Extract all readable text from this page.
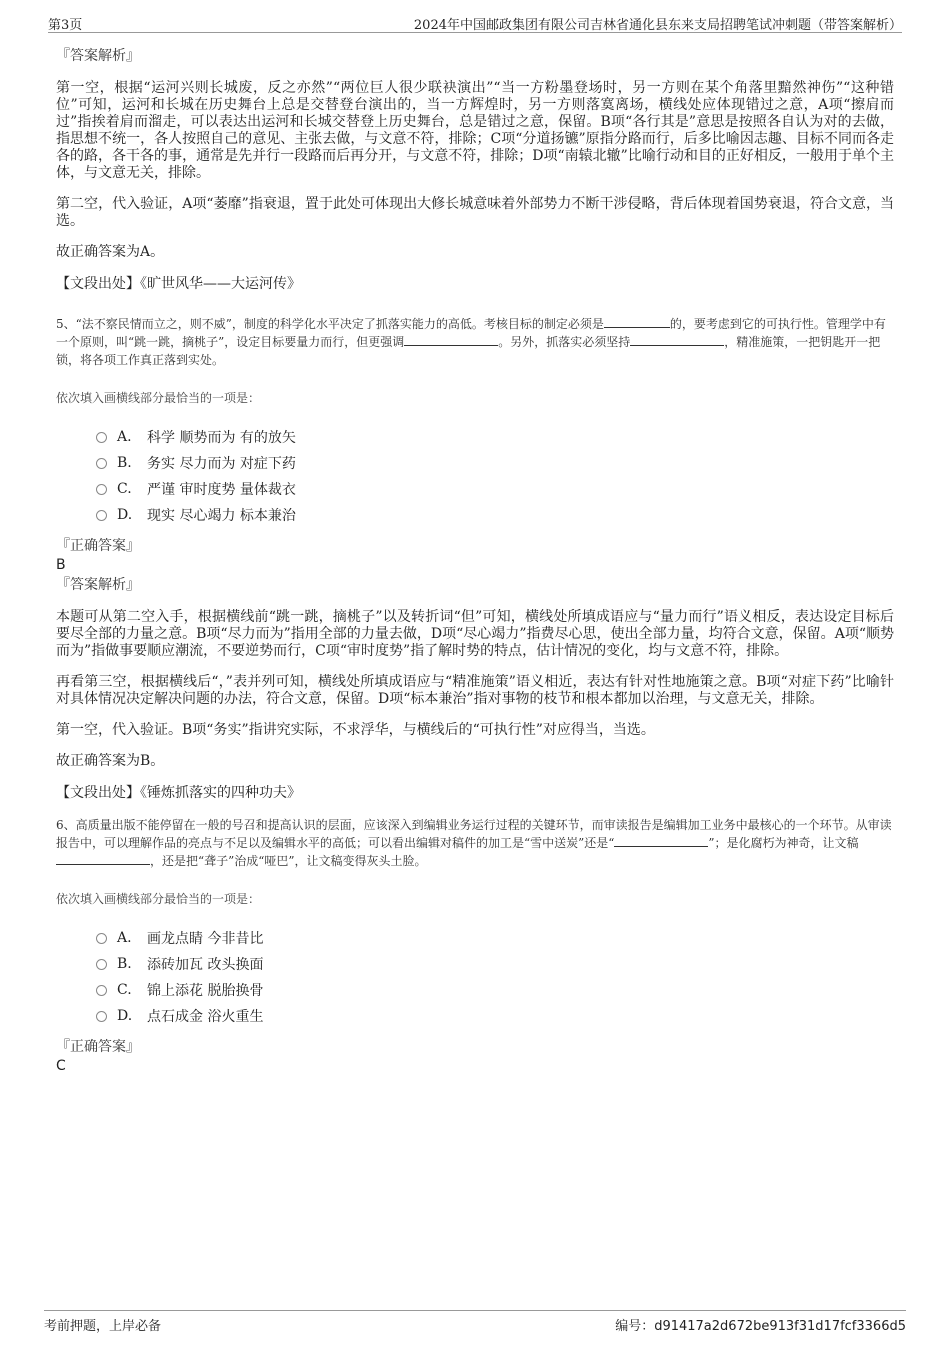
第3页	2024年中国邮政集团有限公司吉林省通化县东来支局招聘笔试冲刺题（带答案解析）
『答案解析』

第一空，根据“运河兴则长城废，反之亦然”“两位巨人很少联袂演出”“当一方粉墨登场时，另一方则在某个角落里黯然神伤”“这种错位”可知，运河和长城在历史舞台上总是交替登台演出的，当一方辉煌时，另一方则落寞离场，横线处应体现错过之意，A项“擦肩而过”指挨着肩而溜走，可以表达出运河和长城交替登上历史舞台，总是错过之意，保留。B项“各行其是”意思是按照各自认为对的去做，指思想不统一，各人按照自己的意见、主张去做，与文意不符，排除；C项“分道扬镳”原指分路而行，后多比喻因志趣、目标不同而各走各的路，各干各的事，通常是先并行一段路而后再分开，与文意不符，排除；D项“南辕北辙”比喻行动和目的正好相反，一般用于单个主体，与文意无关，排除。

第二空，代入验证，A项“萎靡”指衰退，置于此处可体现出大修长城意味着外部势力不断干涉侵略，背后体现着国势衰退，符合文意，当选。

故正确答案为A。

【文段出处】《旷世风华——大运河传》
5、“法不察民情而立之，则不威”，制度的科学化水平决定了抓落实能力的高低。考核目标的制定必须是	的，要考虑到它的可执行性。管理学中有一个原则，叫“跳一跳，摘桃子”，设定目标要量力而行，但更强调	。另外，抓落实必须坚持	，精准施策，一把钥匙开一把锁，将各项工作真正落到实处。
依次填入画横线部分最恰当的一项是：
A.	科学 顺势而为 有的放矢
B.	务实 尽力而为 对症下药
C.	严谨 审时度势 量体裁衣
D.	现实 尽心竭力 标本兼治
『正确答案』
B
『答案解析』

本题可从第二空入手，根据横线前“跳一跳，摘桃子”以及转折词“但”可知，横线处所填成语应与“量力而行”语义相反，表达设定目标后要尽全部的力量之意。B项“尽力而为”指用全部的力量去做，D项“尽心竭力”指费尽心思，使出全部力量，均符合文意，保留。A项“顺势而为”指做事要顺应潮流，不要逆势而行，C项“审时度势”指了解时势的特点，估计情况的变化，均与文意不符，排除。

再看第三空，根据横线后“，”表并列可知，横线处所填成语应与“精准施策”语义相近，表达有针对性地施策之意。B项“对症下药”比喻针对具体情况决定解决问题的办法，符合文意，保留。D项“标本兼治”指对事物的枝节和根本都加以治理，与文意无关，排除。

第一空，代入验证。B项“务实”指讲究实际，不求浮华，与横线后的“可执行性”对应得当，当选。

故正确答案为B。

【文段出处】《锤炼抓落实的四种功夫》
6、高质量出版不能停留在一般的号召和提高认识的层面，应该深入到编辑业务运行过程的关键环节，而审读报告是编辑加工业务中最核心的一个环节。从审读报告中，可以理解作品的亮点与不足以及编辑水平的高低；可以看出编辑对稿件的加工是“雪中送炭”还是“	”；是化腐朽为神奇，让文稿，还是把“聋子”治成“哑巴”，让文稿变得灰头土脸。
依次填入画横线部分最恰当的一项是：
A.	画龙点睛 今非昔比
B.	添砖加瓦 改头换面
C.	锦上添花 脱胎换骨
D.	点石成金 浴火重生
『正确答案』
C
考前押题，上岸必备	编号：d91417a2d672be913f31d17fcf3366d5
